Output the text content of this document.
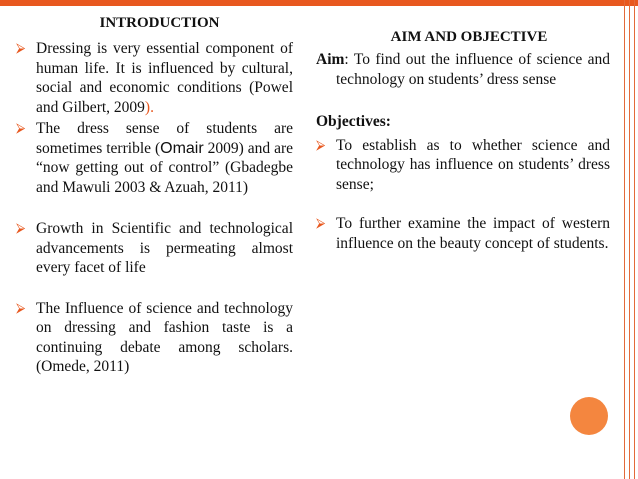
INTRODUCTION
⮚ Dressing is very essential component of human life. It is influenced by cultural, social and economic conditions (Powel and Gilbert, 2009).
⮚ The dress sense of students are sometimes terrible (Omair 2009) and are “now getting out of control” (Gbadegbe and Mawuli 2003 & Azuah, 2011)
⮚ Growth in Scientific and technological advancements is permeating almost every facet of life
⮚ The Influence of science and technology on dressing and fashion taste is a continuing debate among scholars.(Omede, 2011)
AIM AND OBJECTIVE
Aim: To find out the influence of science and technology on students’ dress sense
Objectives:
⮚ To establish as to whether science and technology has influence on students’ dress sense;
⮚ To further examine the impact of western influence on the beauty concept of students.
